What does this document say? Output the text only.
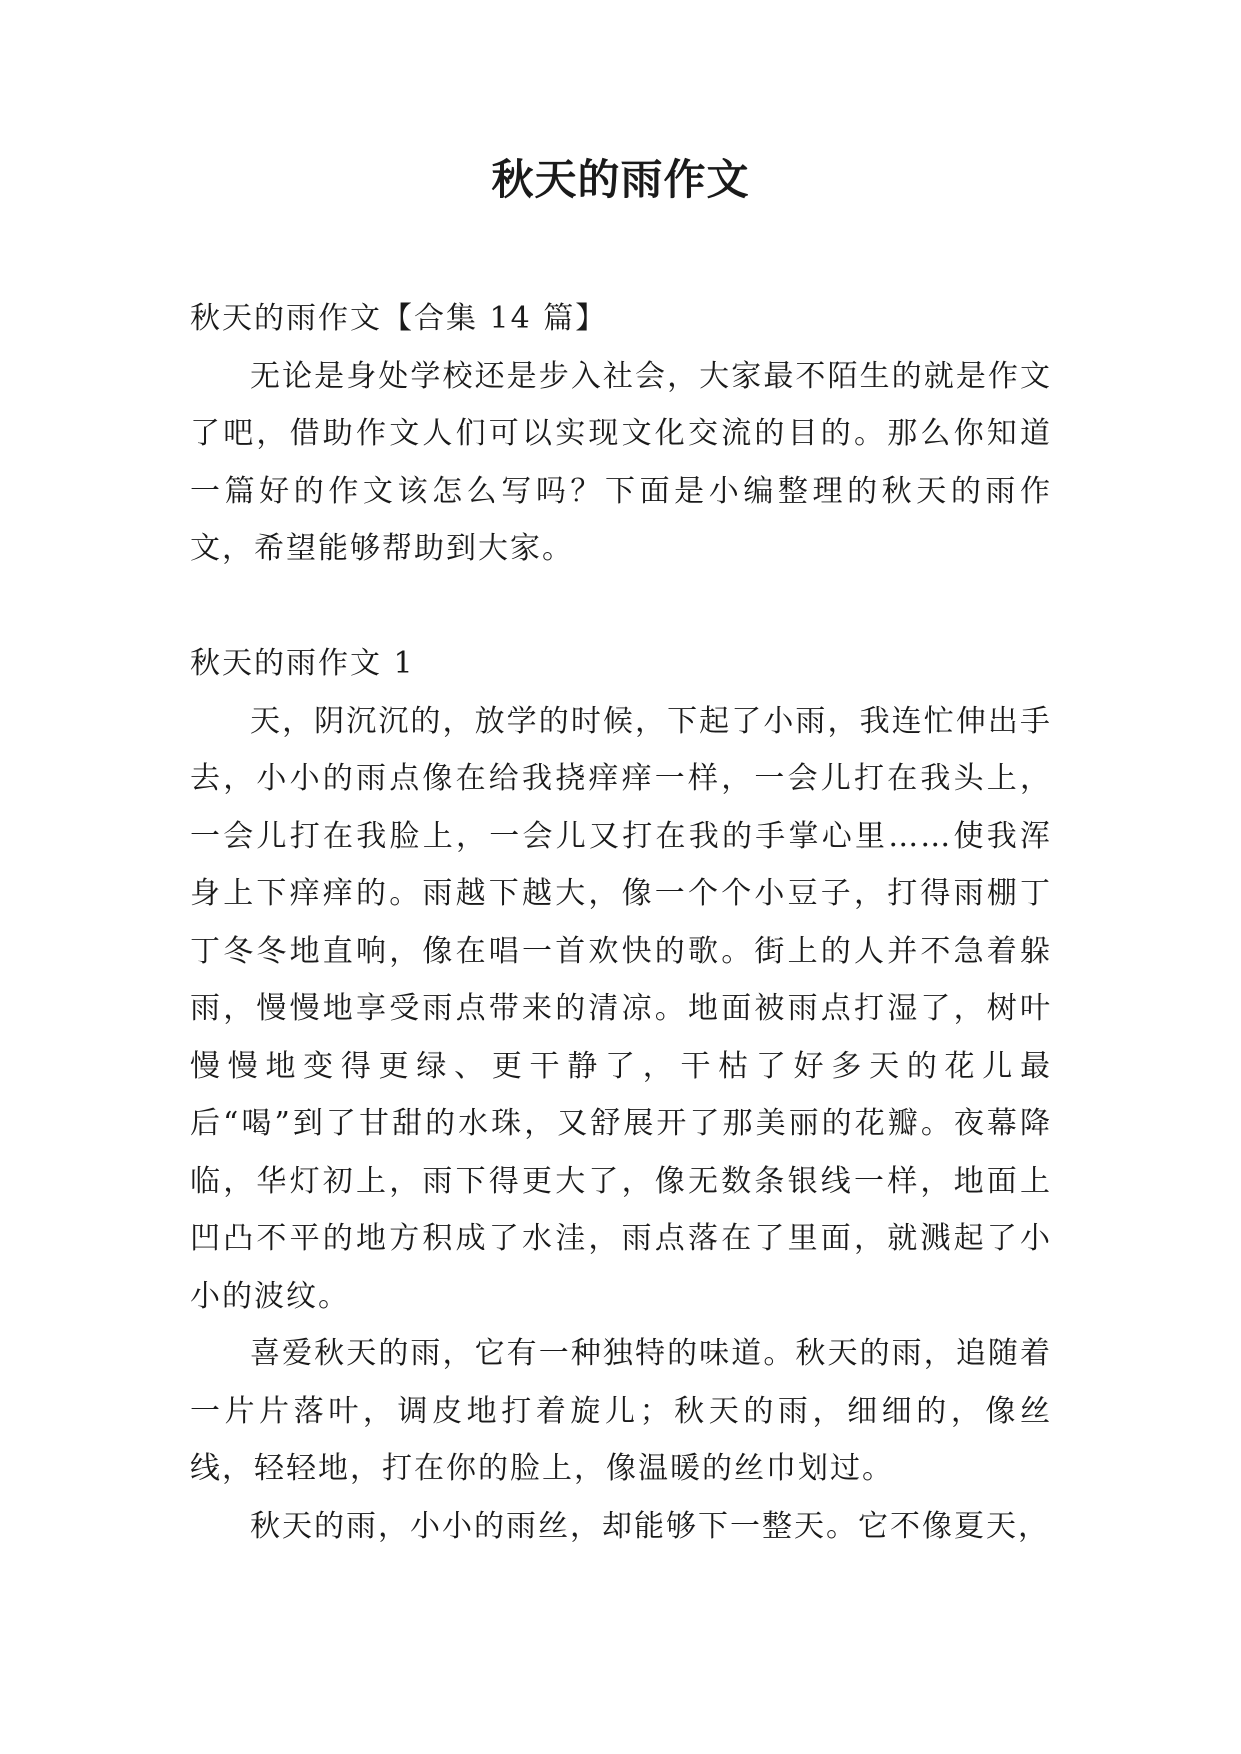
秋天的雨作文

秋天的雨作文【合集 14 篇】

无论是身处学校还是步入社会，大家最不陌生的就是作文了吧，借助作文人们可以实现文化交流的目的。那么你知道一篇好的作文该怎么写吗？下面是小编整理的秋天的雨作文，希望能够帮助到大家。

秋天的雨作文 1

天，阴沉沉的，放学的时候，下起了小雨，我连忙伸出手去，小小的雨点像在给我挠痒痒一样，一会儿打在我头上，一会儿打在我脸上，一会儿又打在我的手掌心里……使我浑身上下痒痒的。雨越下越大，像一个个小豆子，打得雨棚丁丁冬冬地直响，像在唱一首欢快的歌。街上的人并不急着躲雨，慢慢地享受雨点带来的清凉。地面被雨点打湿了，树叶慢慢地变得更绿、更干静了，干枯了好多天的花儿最后“喝”到了甘甜的水珠，又舒展开了那美丽的花瓣。夜幕降临，华灯初上，雨下得更大了，像无数条银线一样，地面上凹凸不平的地方积成了水洼，雨点落在了里面，就溅起了小小的波纹。

喜爱秋天的雨，它有一种独特的味道。秋天的雨，追随着一片片落叶，调皮地打着旋儿；秋天的雨，细细的，像丝线，轻轻地，打在你的脸上，像温暖的丝巾划过。

秋天的雨，小小的雨丝，却能够下一整天。它不像夏天，
